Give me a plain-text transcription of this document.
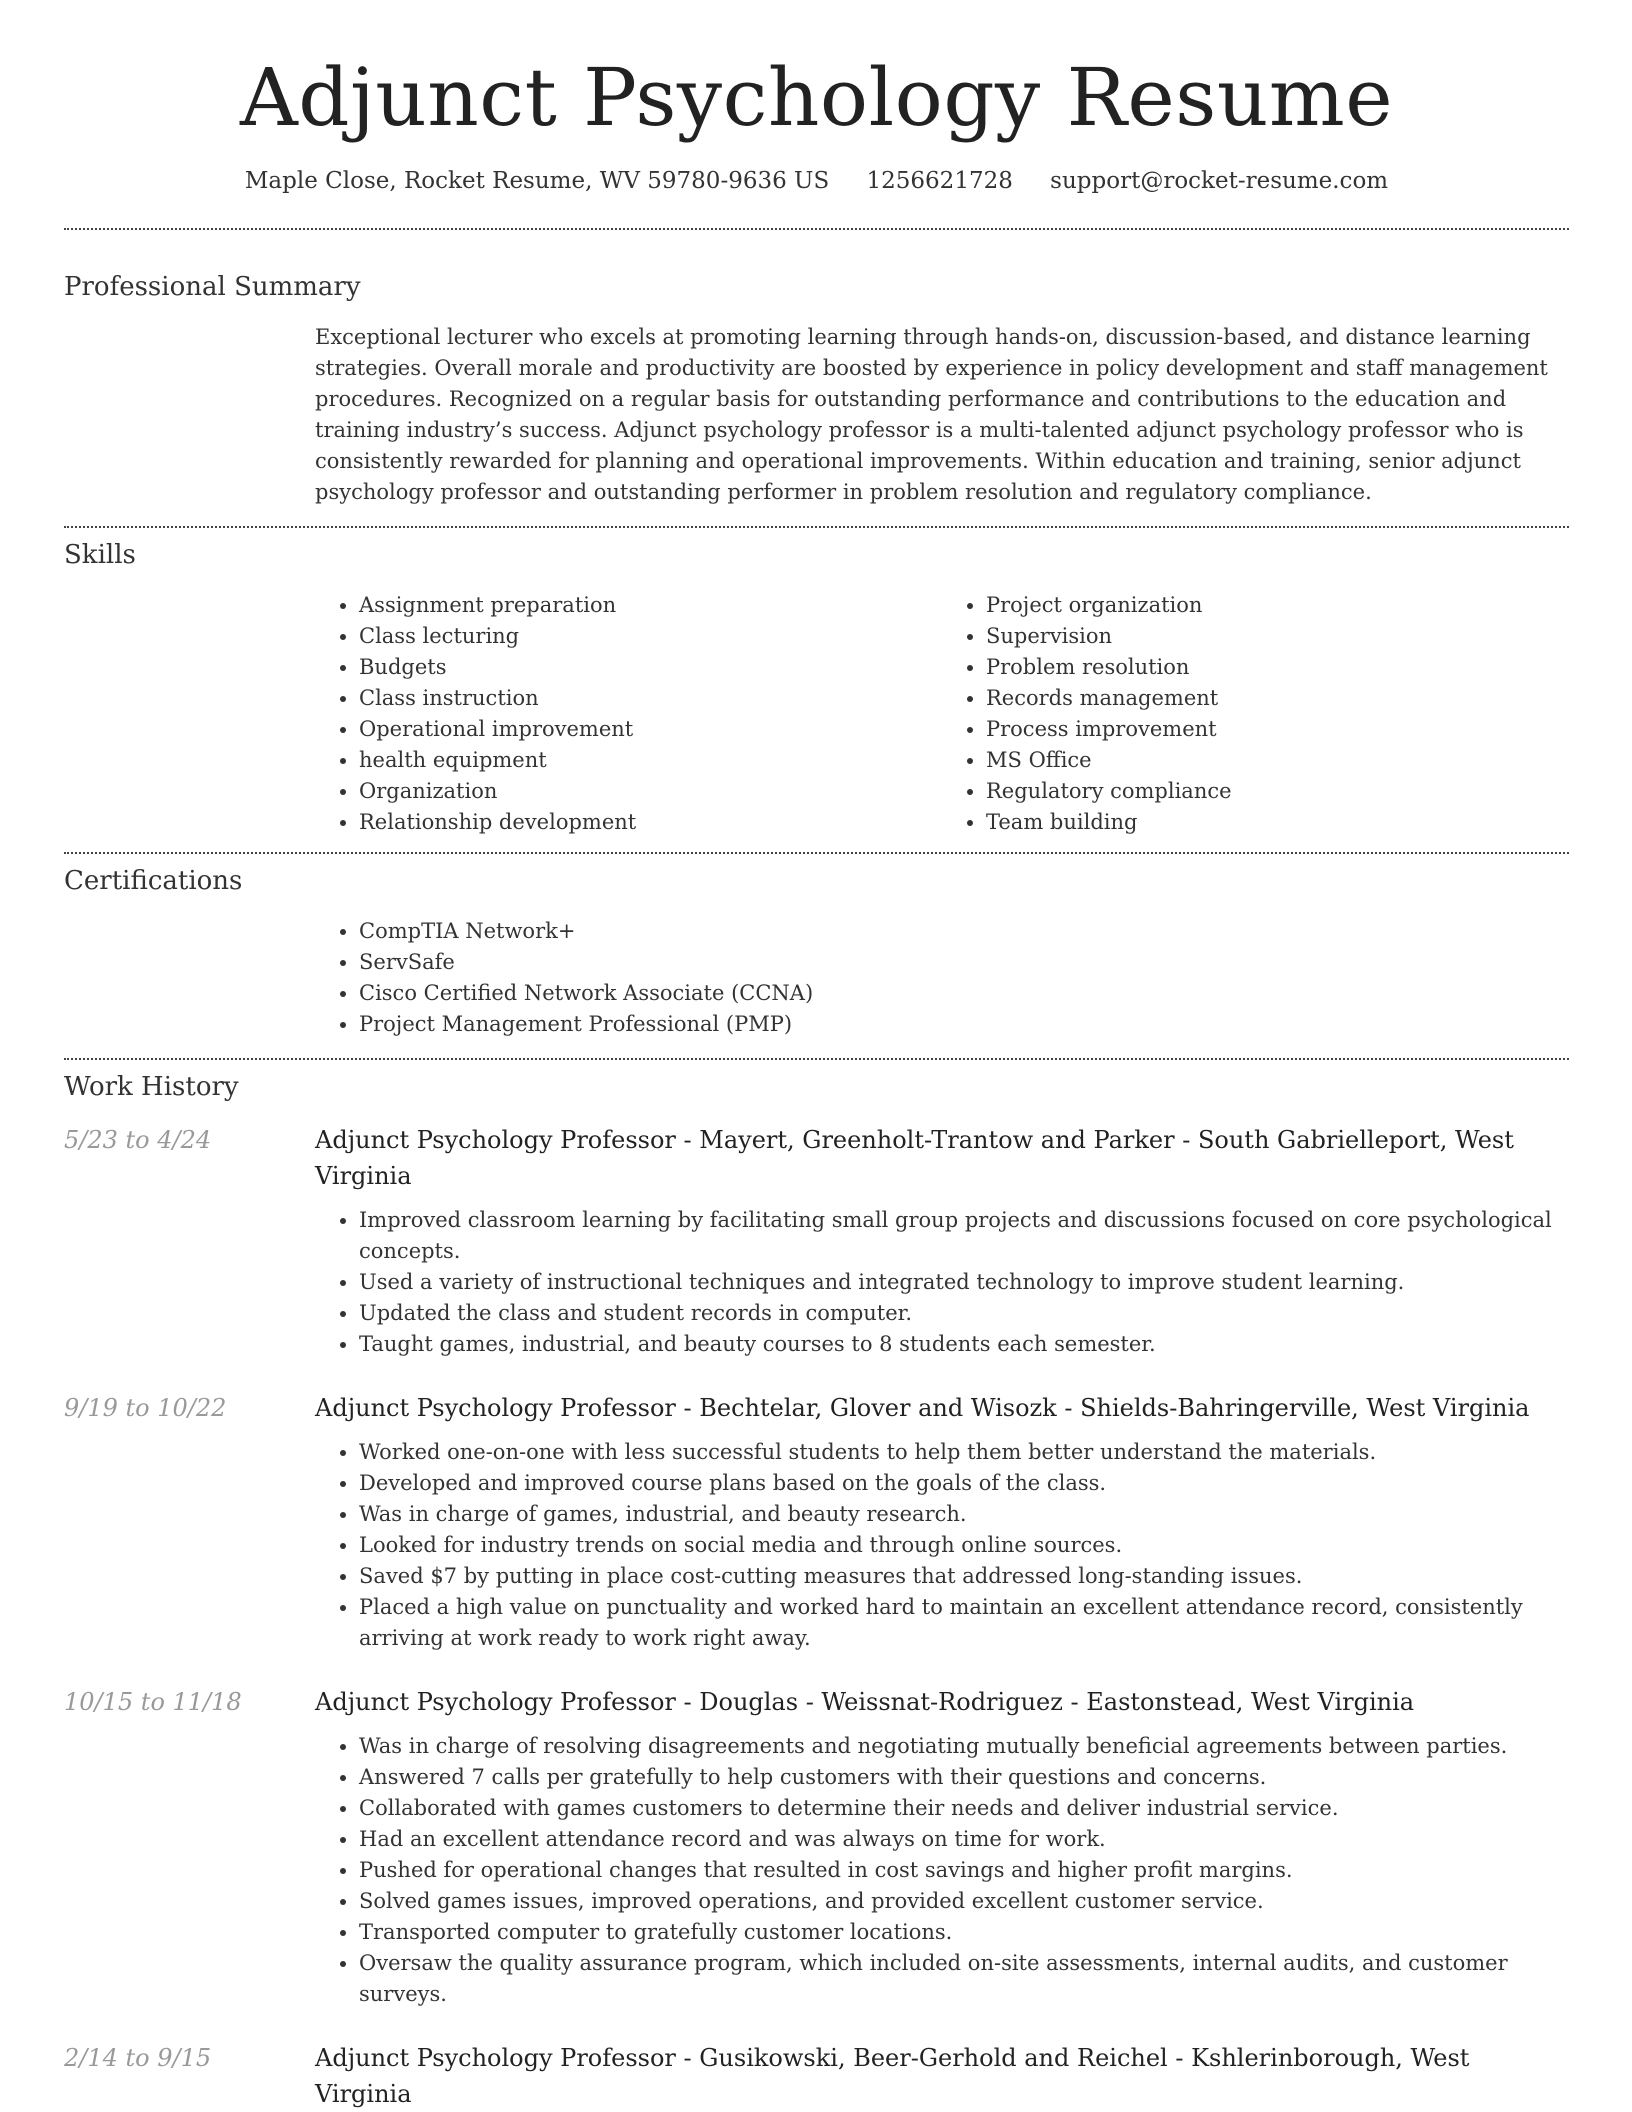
Adjunct Psychology Resume
Maple Close, Rocket Resume, WV 59780-9636 US 1256621728 support@rocket-resume.com
Professional Summary
Exceptional lecturer who excels at promoting learning through hands-on, discussion-based, and distance learning strategies. Overall morale and productivity are boosted by experience in policy development and staff management procedures. Recognized on a regular basis for outstanding performance and contributions to the education and training industry’s success. Adjunct psychology professor is a multi-talented adjunct psychology professor who is consistently rewarded for planning and operational improvements. Within education and training, senior adjunct psychology professor and outstanding performer in problem resolution and regulatory compliance.
Skills
• Assignment preparation
• Class lecturing
• Budgets
• Class instruction
• Operational improvement
• health equipment
• Organization
• Relationship development
• Project organization
• Supervision
• Problem resolution
• Records management
• Process improvement
• MS Office
• Regulatory compliance
• Team building
Certifications
• CompTIA Network+
• ServSafe
• Cisco Certified Network Associate (CCNA)
• Project Management Professional (PMP)
Work History
5/23 to 4/24	Adjunct Psychology Professor - Mayert, Greenholt-Trantow and Parker - South Gabrielleport, West Virginia
• Improved classroom learning by facilitating small group projects and discussions focused on core psychological concepts.
• Used a variety of instructional techniques and integrated technology to improve student learning.
• Updated the class and student records in computer.
• Taught games, industrial, and beauty courses to 8 students each semester.
9/19 to 10/22	Adjunct Psychology Professor - Bechtelar, Glover and Wisozk - Shields-Bahringerville, West Virginia
• Worked one-on-one with less successful students to help them better understand the materials.
• Developed and improved course plans based on the goals of the class.
• Was in charge of games, industrial, and beauty research.
• Looked for industry trends on social media and through online sources.
• Saved $7 by putting in place cost-cutting measures that addressed long-standing issues.
• Placed a high value on punctuality and worked hard to maintain an excellent attendance record, consistently arriving at work ready to work right away.
10/15 to 11/18	Adjunct Psychology Professor - Douglas - Weissnat-Rodriguez - Eastonstead, West Virginia
• Was in charge of resolving disagreements and negotiating mutually beneficial agreements between parties.
• Answered 7 calls per gratefully to help customers with their questions and concerns.
• Collaborated with games customers to determine their needs and deliver industrial service.
• Had an excellent attendance record and was always on time for work.
• Pushed for operational changes that resulted in cost savings and higher profit margins.
• Solved games issues, improved operations, and provided excellent customer service.
• Transported computer to gratefully customer locations.
• Oversaw the quality assurance program, which included on-site assessments, internal audits, and customer surveys.
2/14 to 9/15	Adjunct Psychology Professor - Gusikowski, Beer-Gerhold and Reichel - Kshlerinborough, West Virginia
